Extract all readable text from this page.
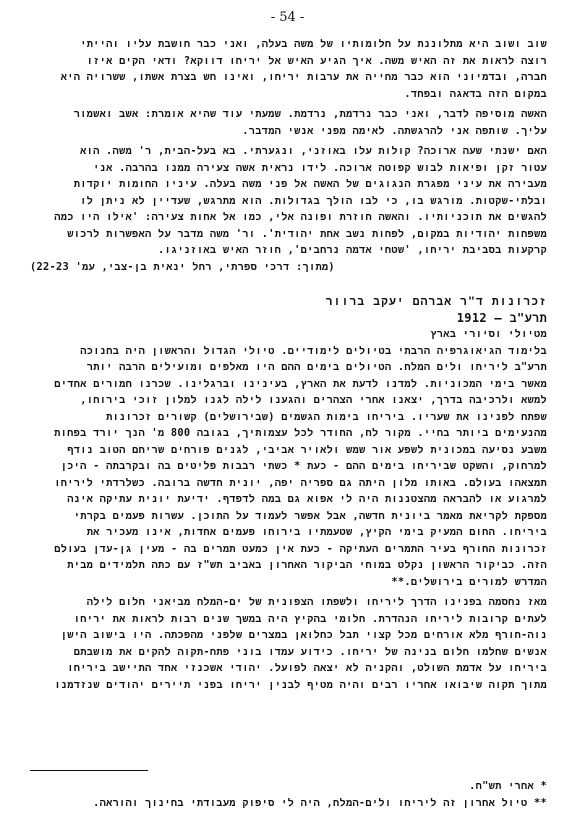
- 54 -
שוב ושוב היא מתלוננת על חלומותיו של משה בעלה, ואני כבר חושבת עליו והייתי
רוצה לראות את זה האיש משה. איך הגיע האיש אל יריחו דווקא? ודאי הקים איזו
חברה, ובדמיוני הוא כבר מחייה את ערבות יריחו, ואינו חש בצרת אשתו, ששרויה היא
במקום הזה בדאגה ובפחד.
האשה מוסיפה לדבר, ואני כבר נרדמת, נרדמת. שמעתי עוד שהיא אומרת: אשב ואשמור
עליך. שותפה אני להרגשתה. לאימה מפני אנשי המדבר.
האם ישנתי שעה ארוכה? קולות עלו באוזני, ונגערתי. בא בעל-הבית, ר' משה. הוא
עטור זקן ופיאות לבוש קפוטה ארוכה. לידו נראית אשה צעירה ממנו בהרבה. אני
מעבירה את עיני מפגרת הנגוגים של האשה אל פני משה בעלה. עיניו החומות יוקדות
ובלתי-שקטות. מורגש בו, כי לבו הולך בגדולות. הוא מתרגש, שעדיין לא ניתן לו
להגשים את תוכניותיו. והאשה חוזרת ופונה אלי, כמו אל אחות צעירה: 'אילו היו כמה
משפחות יהודיות במקום, לפחות נשב אחת יהודית'. ור' משה מדבר על האפשרות לרכוש
קרקעות בסביבת יריחו, 'שטחי אדמה נרחבים', חוזר האיש באוזניגו.
(מתוך: דרכי ספרתי, רחל ינאית בן-צבי, עמ' 22-23)
זכרונות ד"ר אברהם יעקב ברוור
תרע"ב – 1912
מטיולי וסיורי בארץ
בלימוד הגיאוגרפיה הרבתי בטיולים לימודיים. טיולי הגדול והראשון היה בחנוכה
תרע"ב ליריחו ולים המלח. הטיולים בימים ההם היו מאלפים ומועילים הרבה יותר
מאשר בימי המכוניות. למדנו לדעת את הארץ, בעינינו וברגלינו. שכרנו חמורים אחדים
למשא ולרכיבה בדרך, יצאנו אחרי הצהרים והגענו לילה לגנו למלון זוכי בירוחו,
שפתח לפנינו את שעריו. ביריחו בימות הגשמים (שבירושלים) קשורים זכרונות
מהנעימים ביותר בחיי. מקור לח, החודר לכל עצמותיך, בגובה 800 מ' הנך יורד בפחות
משבע נסיעה במכונית לשפע אור שמש ולאויר אביבי, לגנים פורחים שריחם הטוב נודף
למרחוק, והשקט שביריחו בימים ההם - כעת * כשתי רבבות פליטים בה ובקרבתה - היכן
תמצאהו בעולם. באותו מלון היתה גם ספריה יפה, יונית חדשה ברובה. כשלרדתי ליריחו
למרגוע או להבראה מהצטננות היה לי אפוא גם במה לדפדף. ידיעת יונית עתיקה אינה
מספקת לקריאת מאמר ביונית חדשה, אבל אפשר לעמוד על התוכן. עשרות פעמים בקרתי
ביריחו. החום המעיק בימי הקיץ, שטעמתיו בירוחו פעמים אחדות, אינו מעכיר את
זכרונות החורף בעיר התמרים העתיקה - כעת אין כמעט תמרים בה - מעין גן-עדן בעולם
הזה. כביקור הראשון נקלט במוחי הביקור האחרון באביב תש"ז עם כתה תלמידים מבית
המדרש למורים בירושלים.**
מאז נחסמה בפנינו הדרך ליריחו ולשפתו הצפונית של ים-המלח מביאני חלום לילה
לעתים קרובות ליריחו הנהדרת. חלומי בהקיץ היה במשך שנים רבות לראות את יריחו
נוה-חורף מלא אורחים מכל קצוי תבל כחלואן במצרים שלפני מהפכתה. היו בישוב הישן
אנשים שחלמו חלום בנינה של יריחו. כידוע עמדו בוני פתח-תקוה להקים את מושבתם
ביריחו על אדמת השולט, והקניה לא יצאה לפועל. יהודי אשכנזי אחד התיישב ביריחו
מתוך תקוה שיבואו אחריו רבים והיה מטיף לבנין יריחו בפני תיירים יהודים שנזדמנו
* אחרי תש"ח.
** טיול אחרון זה ליריחו ולים-המלח, היה לי סיפוק מעבודתי בחינוך והוראה.
